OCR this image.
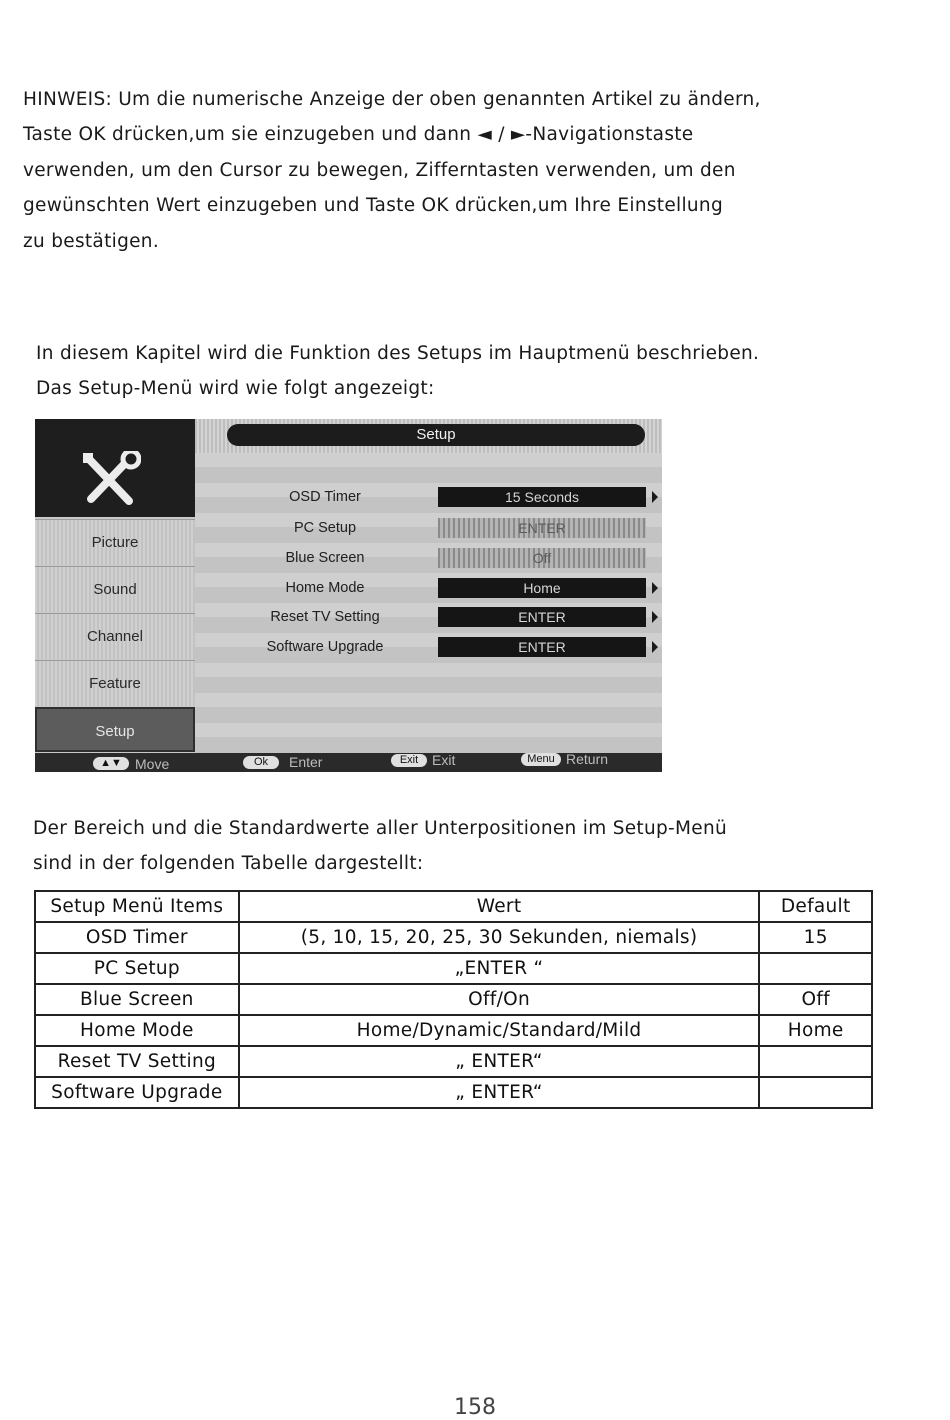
HINWEIS: Um die numerische Anzeige der oben genannten Artikel zu ändern,
Taste OK drücken,um sie einzugeben und dann ◄ / ►-Navigationstaste
verwenden, um den Cursor zu bewegen, Zifferntasten verwenden, um den
gewünschten Wert einzugeben und Taste OK drücken,um Ihre Einstellung
zu bestätigen.
In diesem Kapitel wird die Funktion des Setups im Hauptmenü beschrieben.
Das Setup-Menü wird wie folgt angezeigt:
Setup
Picture
Sound
Channel
Feature
Setup
OSD Timer	15 Seconds
PC Setup	ENTER
Blue Screen	Off
Home Mode	Home
Reset TV Setting	ENTER
Software Upgrade	ENTER
▲▼ Move	Ok	Enter	Exit Exit	Menu Return
Der Bereich und die Standardwerte aller Unterpositionen im Setup-Menü
sind in der folgenden Tabelle dargestellt:
Setup Menü Items	Wert	Default
OSD Timer	(5, 10, 15, 20, 25, 30 Sekunden, niemals)	15
PC Setup	„ENTER “	
Blue Screen	Off/On	Off
Home Mode	Home/Dynamic/Standard/Mild	Home
Reset TV Setting	„ ENTER“	
Software Upgrade	„ ENTER“	
158
